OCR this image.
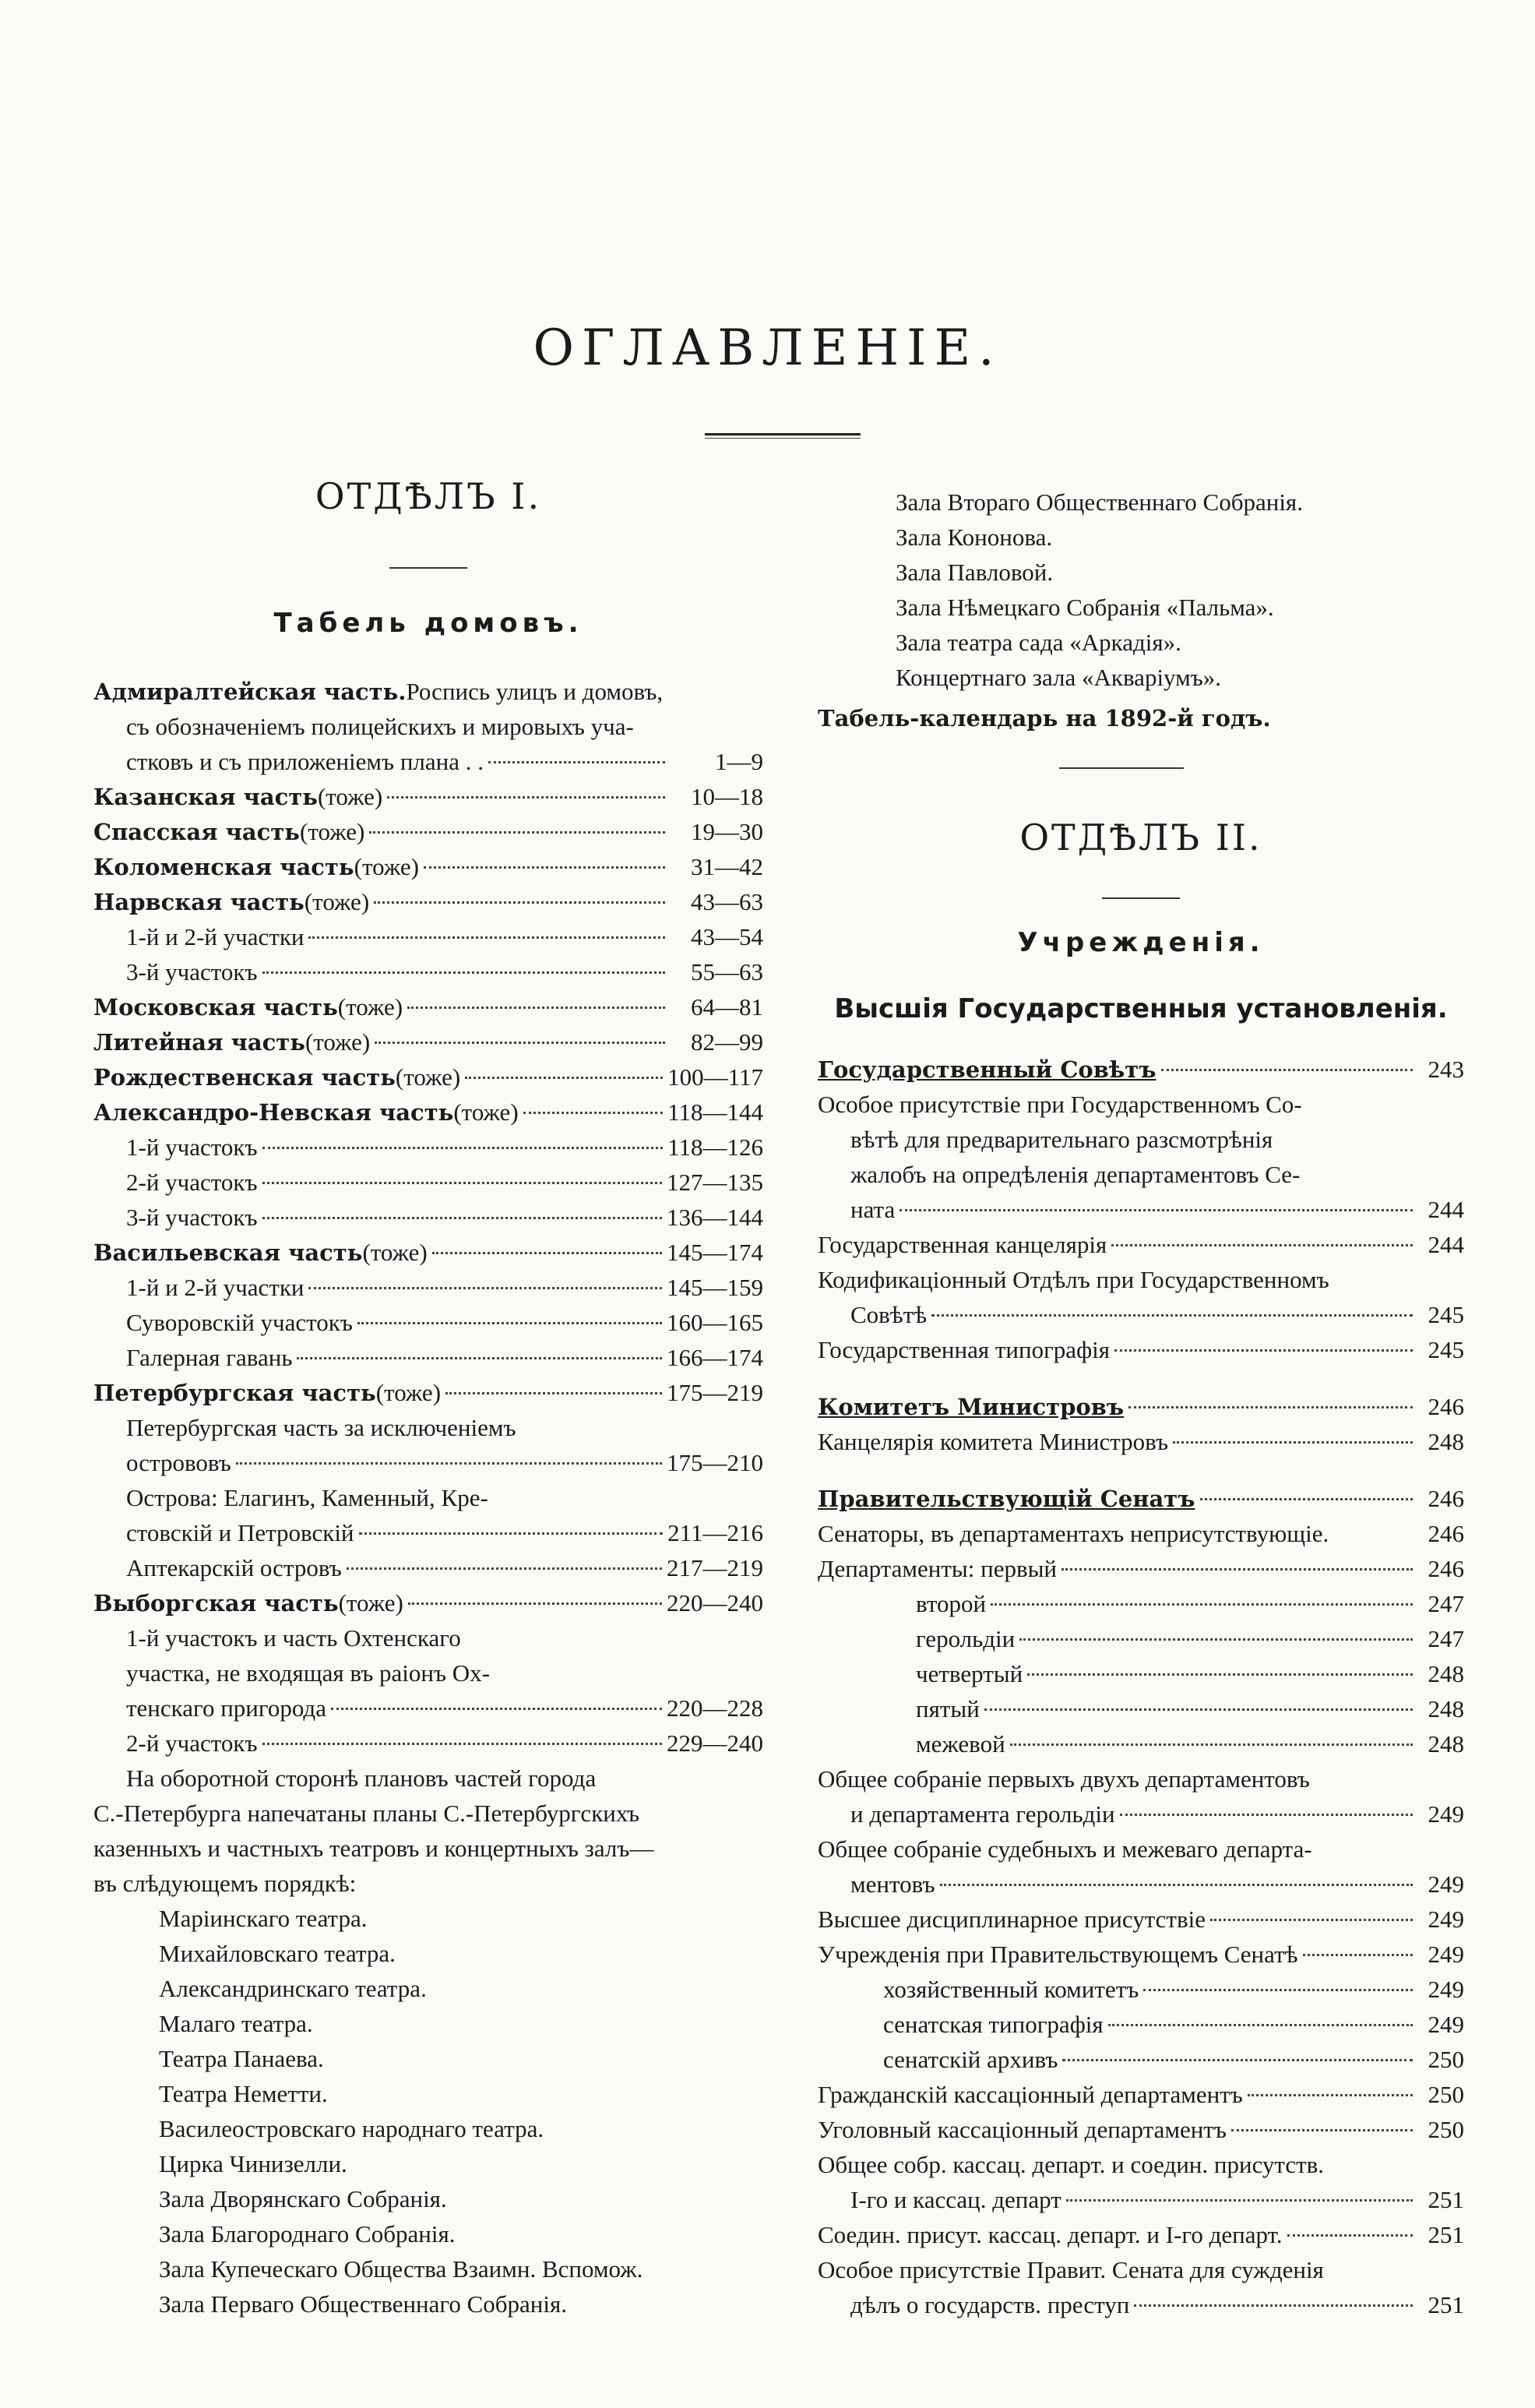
ОГЛАВЛЕНIЕ.
ОТДѢЛЪ I.
Табель домовъ.
Адмиралтейская часть. Роспись улицъ и домовъ,
съ обозначенiемъ полицейскихъ и мировыхъ уча-
стковъ и съ приложенiемъ плана . .	1—9
Казанская часть (тоже)	10—18
Спасская часть (тоже)	19—30
Коломенская часть (тоже)	31—42
Нарвская часть (тоже)	43—63
1-й и 2-й участки	43—54
3-й участокъ	55—63
Московская часть (тоже)	64—81
Литейная часть (тоже)	82—99
Рождественская часть (тоже)	100—117
Александро-Невская часть (тоже)	118—144
1-й участокъ	118—126
2-й участокъ	127—135
3-й участокъ	136—144
Васильевская часть (тоже)	145—174
1-й и 2-й участки	145—159
Суворовскiй участокъ	160—165
Галерная гавань	166—174
Петербургская часть (тоже)	175—219
Петербургская часть за исключенiемъ
острововъ	175—210
Острова: Елагинъ, Каменный, Кре-
стовскiй и Петровскiй	211—216
Аптекарскiй островъ	217—219
Выборгская часть (тоже)	220—240
1-й участокъ и часть Охтенскаго
участка, не входящая въ раiонъ Ох-
тенскаго пригорода	220—228
2-й участокъ	229—240
На оборотной сторонѣ плановъ частей города
С.-Петербурга напечатаны планы С.-Петербургскихъ
казенныхъ и частныхъ театровъ и концертныхъ залъ—
въ слѣдующемъ порядкѣ:
Марiинскаго театра.
Михайловскаго театра.
Александринскаго театра.
Малаго театра.
Театра Панаева.
Театра Неметти.
Василеостровскаго народнаго театра.
Цирка Чинизелли.
Зала Дворянскаго Собранiя.
Зала Благороднаго Собранiя.
Зала Купеческаго Общества Взаимн. Вспомож.
Зала Перваго Общественнаго Собранiя.
Зала Втораго Общественнаго Собранiя.
Зала Кононова.
Зала Павловой.
Зала Нѣмецкаго Собранiя «Пальма».
Зала театра сада «Аркадiя».
Концертнаго зала «Акварiумъ».
Табель-календарь на 1892-й годъ.
ОТДѢЛЪ II.
Учрежденiя.
Высшiя Государственныя установленiя.
Государственный Совѣтъ	243
Особое присутствiе при Государственномъ Со-
вѣтѣ для предварительнаго разсмотрѣнiя
жалобъ на опредѣленiя департаментовъ Се-
ната	244
Государственная канцелярiя	244
Кодификацiонный Отдѣлъ при Государственномъ
Совѣтѣ	245
Государственная типографiя	245
Комитетъ Министровъ	246
Канцелярiя комитета Министровъ	248
Правительствующiй Сенатъ	246
Сенаторы, въ департаментахъ неприсутствующiе.	246
Департаменты: первый	246
второй	247
герольдiи	247
четвертый	248
пятый	248
межевой	248
Общее собранiе первыхъ двухъ департаментовъ
и департамента герольдiи	249
Общее собранiе судебныхъ и межеваго департа-
ментовъ	249
Высшее дисциплинарное присутствiе	249
Учрежденiя при Правительствующемъ Сенатѣ	249
хозяйственный комитетъ	249
сенатская типографiя	249
сенатскiй архивъ	250
Гражданскiй кассацiонный департаментъ	250
Уголовный кассацiонный департаментъ	250
Общее собр. кассац. департ. и соедин. присутств.
I-го и кассац. департ	251
Соедин. присут. кассац. департ. и I-го департ.	251
Особое присутствiе Правит. Сената для сужденiя
дѣлъ о государств. преступ	251
